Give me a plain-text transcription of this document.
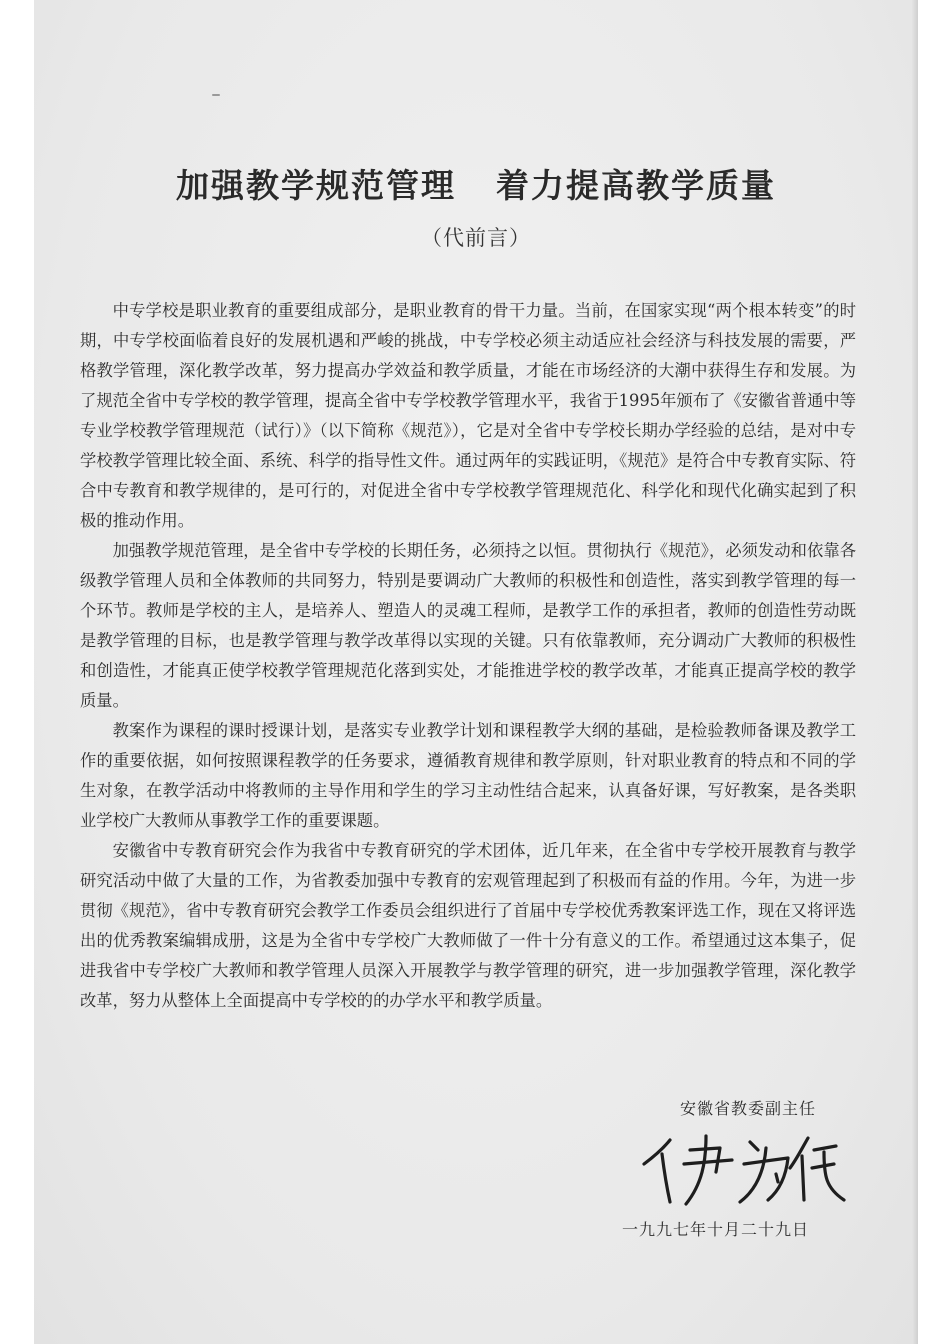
加强教学规范管理 着力提高教学质量
（代前言）

中专学校是职业教育的重要组成部分，是职业教育的骨干力量。当前，在国家实现“两个根本转变”的时期，中专学校面临着良好的发展机遇和严峻的挑战，中专学校必须主动适应社会经济与科技发展的需要，严格教学管理，深化教学改革，努力提高办学效益和教学质量，才能在市场经济的大潮中获得生存和发展。为了规范全省中专学校的教学管理，提高全省中专学校教学管理水平，我省于1995年颁布了《安徽省普通中等专业学校教学管理规范（试行）》（以下简称《规范》），它是对全省中专学校长期办学经验的总结，是对中专学校教学管理比较全面、系统、科学的指导性文件。通过两年的实践证明，《规范》是符合中专教育实际、符合中专教育和教学规律的，是可行的，对促进全省中专学校教学管理规范化、科学化和现代化确实起到了积极的推动作用。

加强教学规范管理，是全省中专学校的长期任务，必须持之以恒。贯彻执行《规范》，必须发动和依靠各级教学管理人员和全体教师的共同努力，特别是要调动广大教师的积极性和创造性，落实到教学管理的每一个环节。教师是学校的主人，是培养人、塑造人的灵魂工程师，是教学工作的承担者，教师的创造性劳动既是教学管理的目标，也是教学管理与教学改革得以实现的关键。只有依靠教师，充分调动广大教师的积极性和创造性，才能真正使学校教学管理规范化落到实处，才能推进学校的教学改革，才能真正提高学校的教学质量。

教案作为课程的课时授课计划，是落实专业教学计划和课程教学大纲的基础，是检验教师备课及教学工作的重要依据，如何按照课程教学的任务要求，遵循教育规律和教学原则，针对职业教育的特点和不同的学生对象，在教学活动中将教师的主导作用和学生的学习主动性结合起来，认真备好课，写好教案，是各类职业学校广大教师从事教学工作的重要课题。

安徽省中专教育研究会作为我省中专教育研究的学术团体，近几年来，在全省中专学校开展教育与教学研究活动中做了大量的工作，为省教委加强中专教育的宏观管理起到了积极而有益的作用。今年，为进一步贯彻《规范》，省中专教育研究会教学工作委员会组织进行了首届中专学校优秀教案评选工作，现在又将评选出的优秀教案编辑成册，这是为全省中专学校广大教师做了一件十分有意义的工作。希望通过这本集子，促进我省中专学校广大教师和教学管理人员深入开展教学与教学管理的研究，进一步加强教学管理，深化教学改革，努力从整体上全面提高中专学校的的办学水平和教学质量。

安徽省教委副主任
一九九七年十月二十九日
